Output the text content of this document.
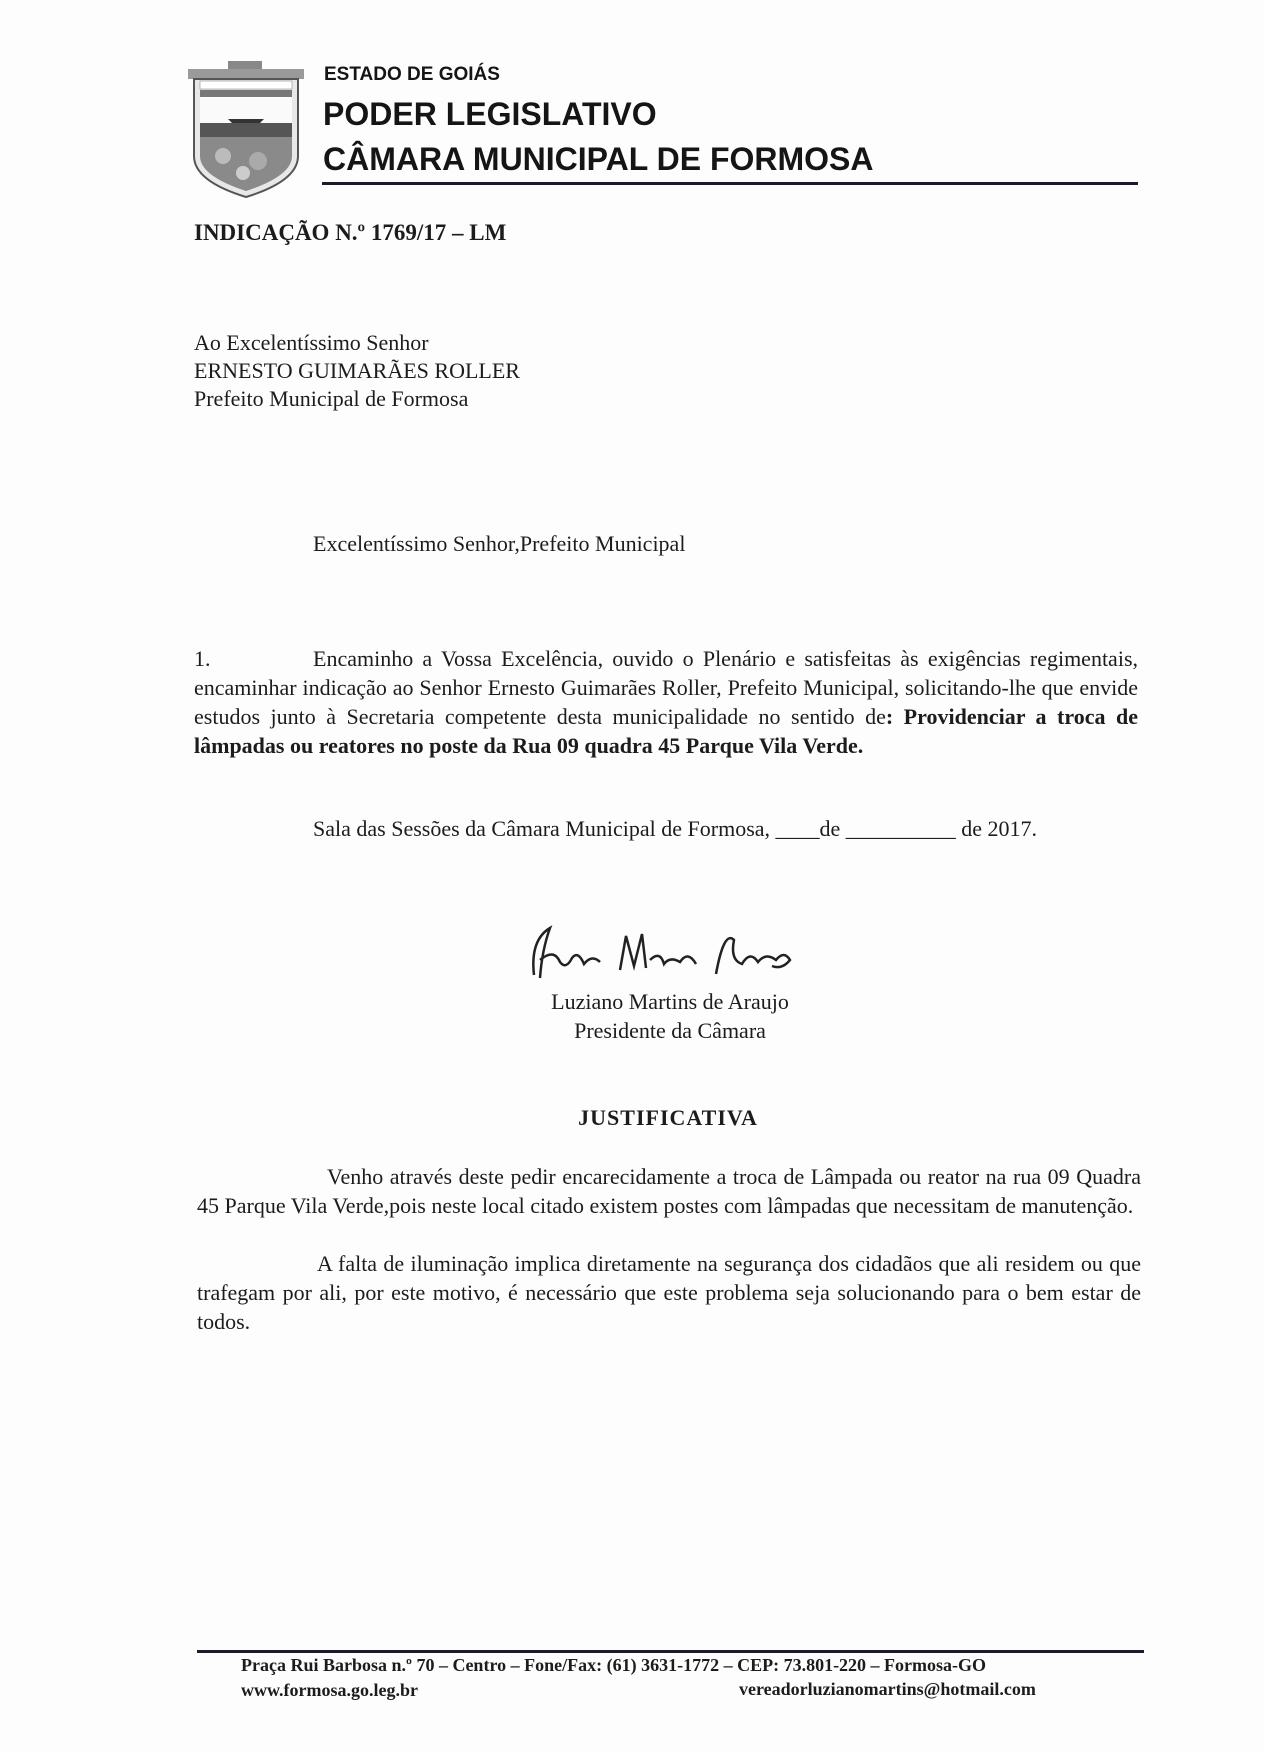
ESTADO DE GOIÁS
PODER LEGISLATIVO
CÂMARA MUNICIPAL DE FORMOSA
INDICAÇÃO N.º 1769/17 – LM
Ao Excelentíssimo Senhor
ERNESTO GUIMARÃES ROLLER
Prefeito Municipal de Formosa
Excelentíssimo Senhor,Prefeito Municipal
1.	Encaminho a Vossa Excelência, ouvido o Plenário e satisfeitas às exigências regimentais, encaminhar indicação ao Senhor Ernesto Guimarães Roller, Prefeito Municipal, solicitando-lhe que envide estudos junto à Secretaria competente desta municipalidade no sentido de: Providenciar a troca de lâmpadas ou reatores no poste da Rua 09 quadra 45 Parque Vila Verde.
Sala das Sessões da Câmara Municipal de Formosa, ____de __________ de 2017.
Luziano Martins de Araujo
Presidente da Câmara
JUSTIFICATIVA
Venho através deste pedir encarecidamente a troca de Lâmpada ou reator na rua 09 Quadra 45 Parque Vila Verde,pois neste local citado existem postes com lâmpadas que necessitam de manutenção.
A falta de iluminação implica diretamente na segurança dos cidadãos que ali residem ou que trafegam por ali, por este motivo, é necessário que este problema seja solucionando para o bem estar de todos.
Praça Rui Barbosa n.º 70 – Centro – Fone/Fax: (61) 3631-1772 – CEP: 73.801-220 – Formosa-GO
www.formosa.go.leg.br	vereadorluzianomartins@hotmail.com
